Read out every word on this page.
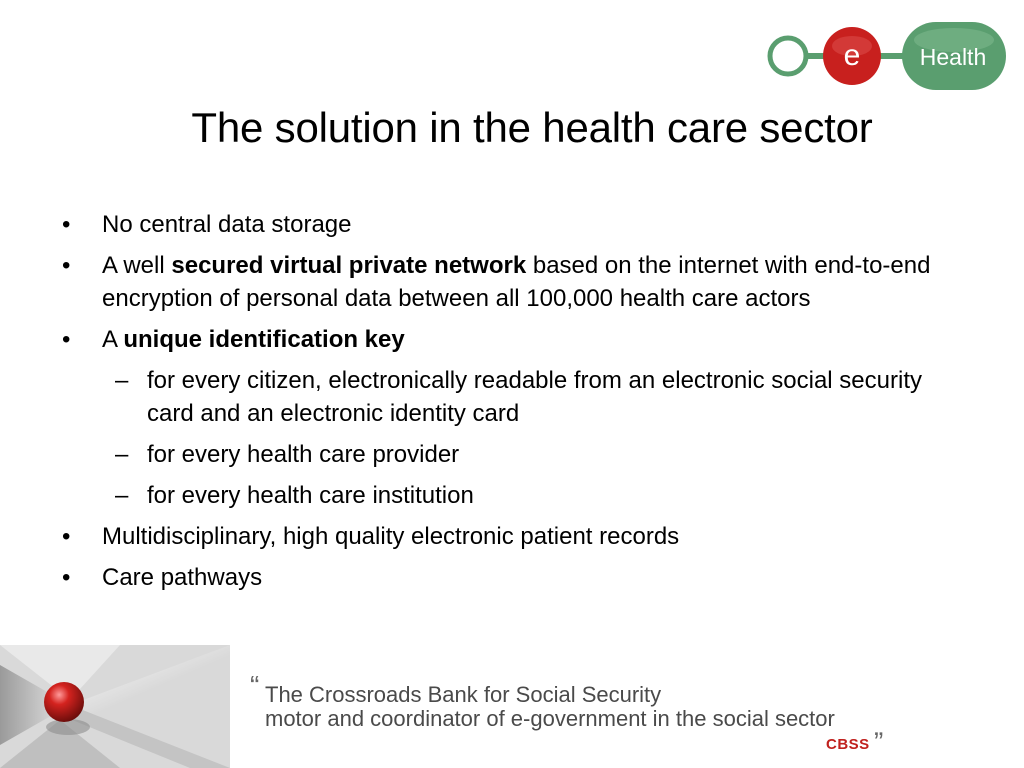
e	Health
The solution in the health care sector
• No central data storage
• A well secured virtual private network based on the internet with end-to-end encryption of personal data between all 100,000 health care actors
• A unique identification key
– for every citizen, electronically readable from an electronic social security card and an electronic identity card
– for every health care provider
– for every health care institution
• Multidisciplinary, high quality electronic patient records
• Care pathways
“ The Crossroads Bank for Social Security
motor and coordinator of e-government in the social sector „
CBSS
